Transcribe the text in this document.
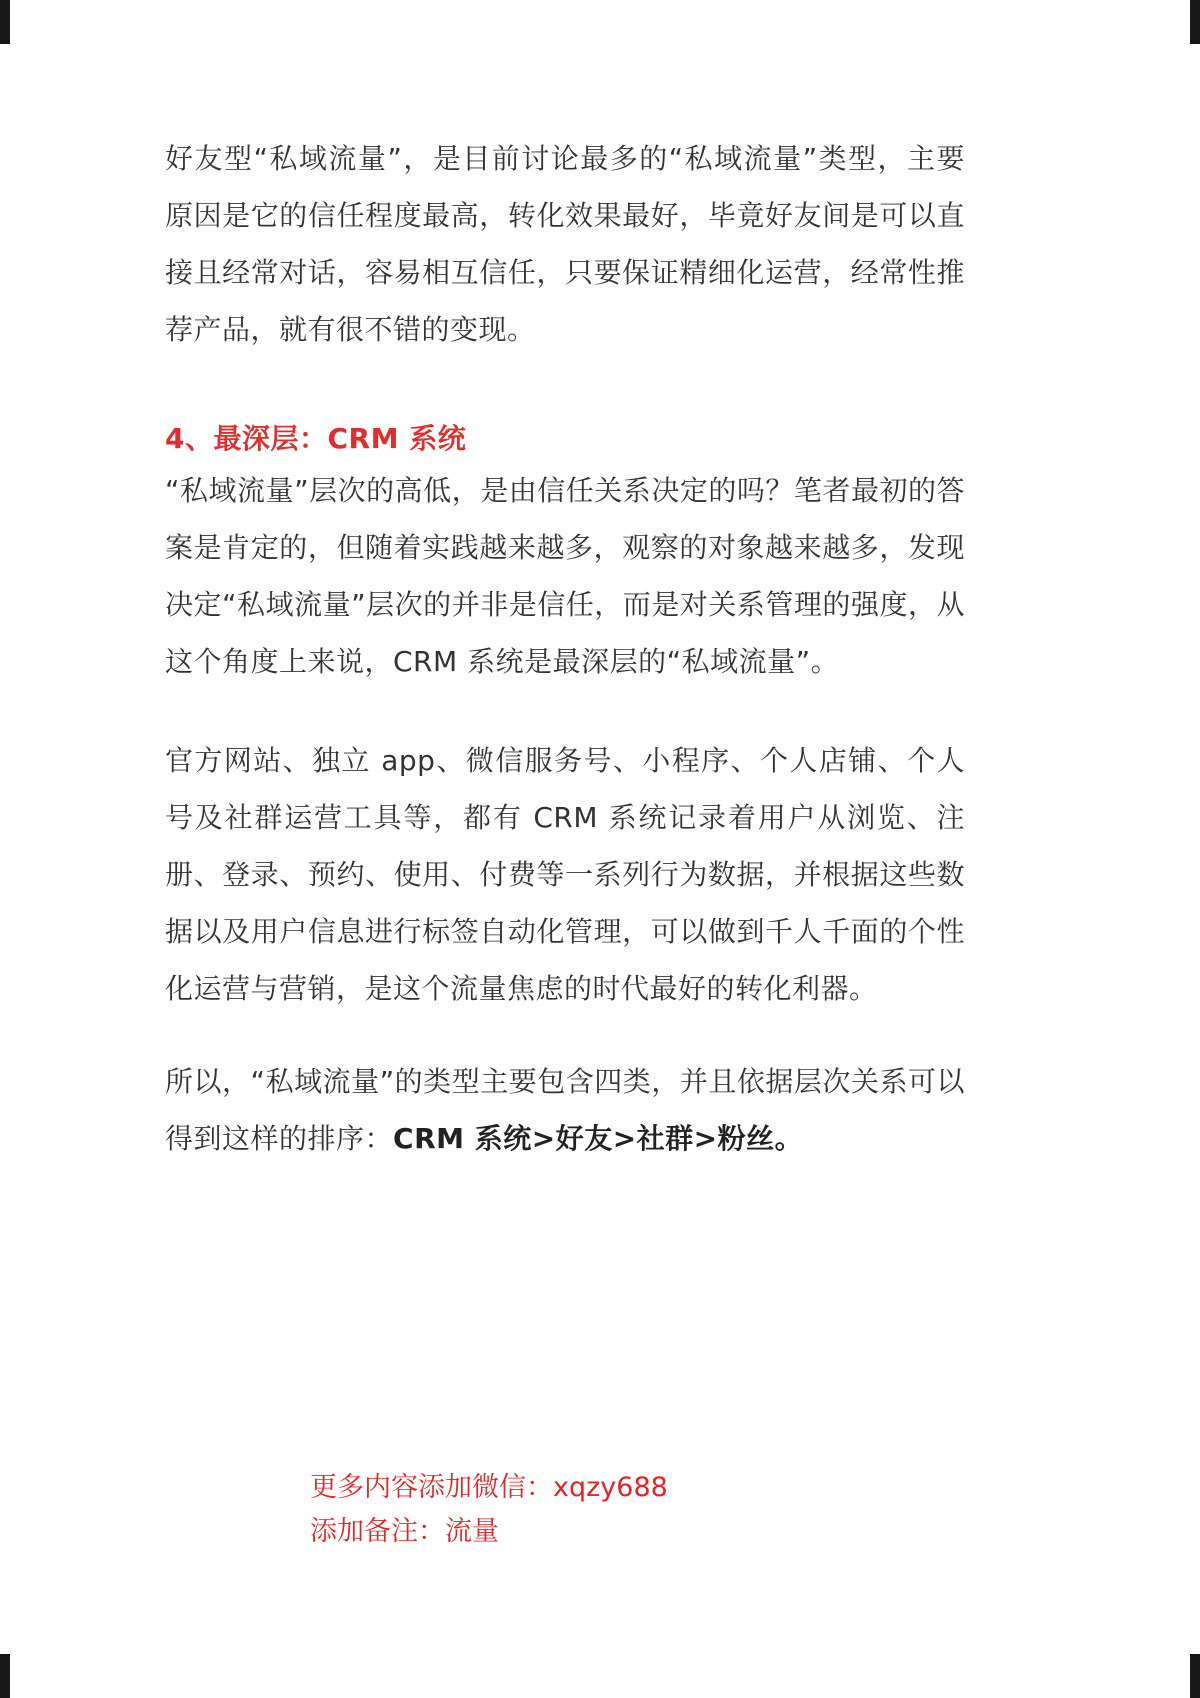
好友型“私域流量”，是目前讨论最多的“私域流量”类型，主要原因是它的信任程度最高，转化效果最好，毕竟好友间是可以直接且经常对话，容易相互信任，只要保证精细化运营，经常性推荐产品，就有很不错的变现。

4、最深层：CRM 系统

“私域流量”层次的高低，是由信任关系决定的吗？笔者最初的答案是肯定的，但随着实践越来越多，观察的对象越来越多，发现决定“私域流量”层次的并非是信任，而是对关系管理的强度，从这个角度上来说，CRM 系统是最深层的“私域流量”。

官方网站、独立 app、微信服务号、小程序、个人店铺、个人号及社群运营工具等，都有 CRM 系统记录着用户从浏览、注册、登录、预约、使用、付费等一系列行为数据，并根据这些数据以及用户信息进行标签自动化管理，可以做到千人千面的个性化运营与营销，是这个流量焦虑的时代最好的转化利器。

所以，“私域流量”的类型主要包含四类，并且依据层次关系可以得到这样的排序：CRM 系统>好友>社群>粉丝。

更多内容添加微信：xqzy688
添加备注：流量
